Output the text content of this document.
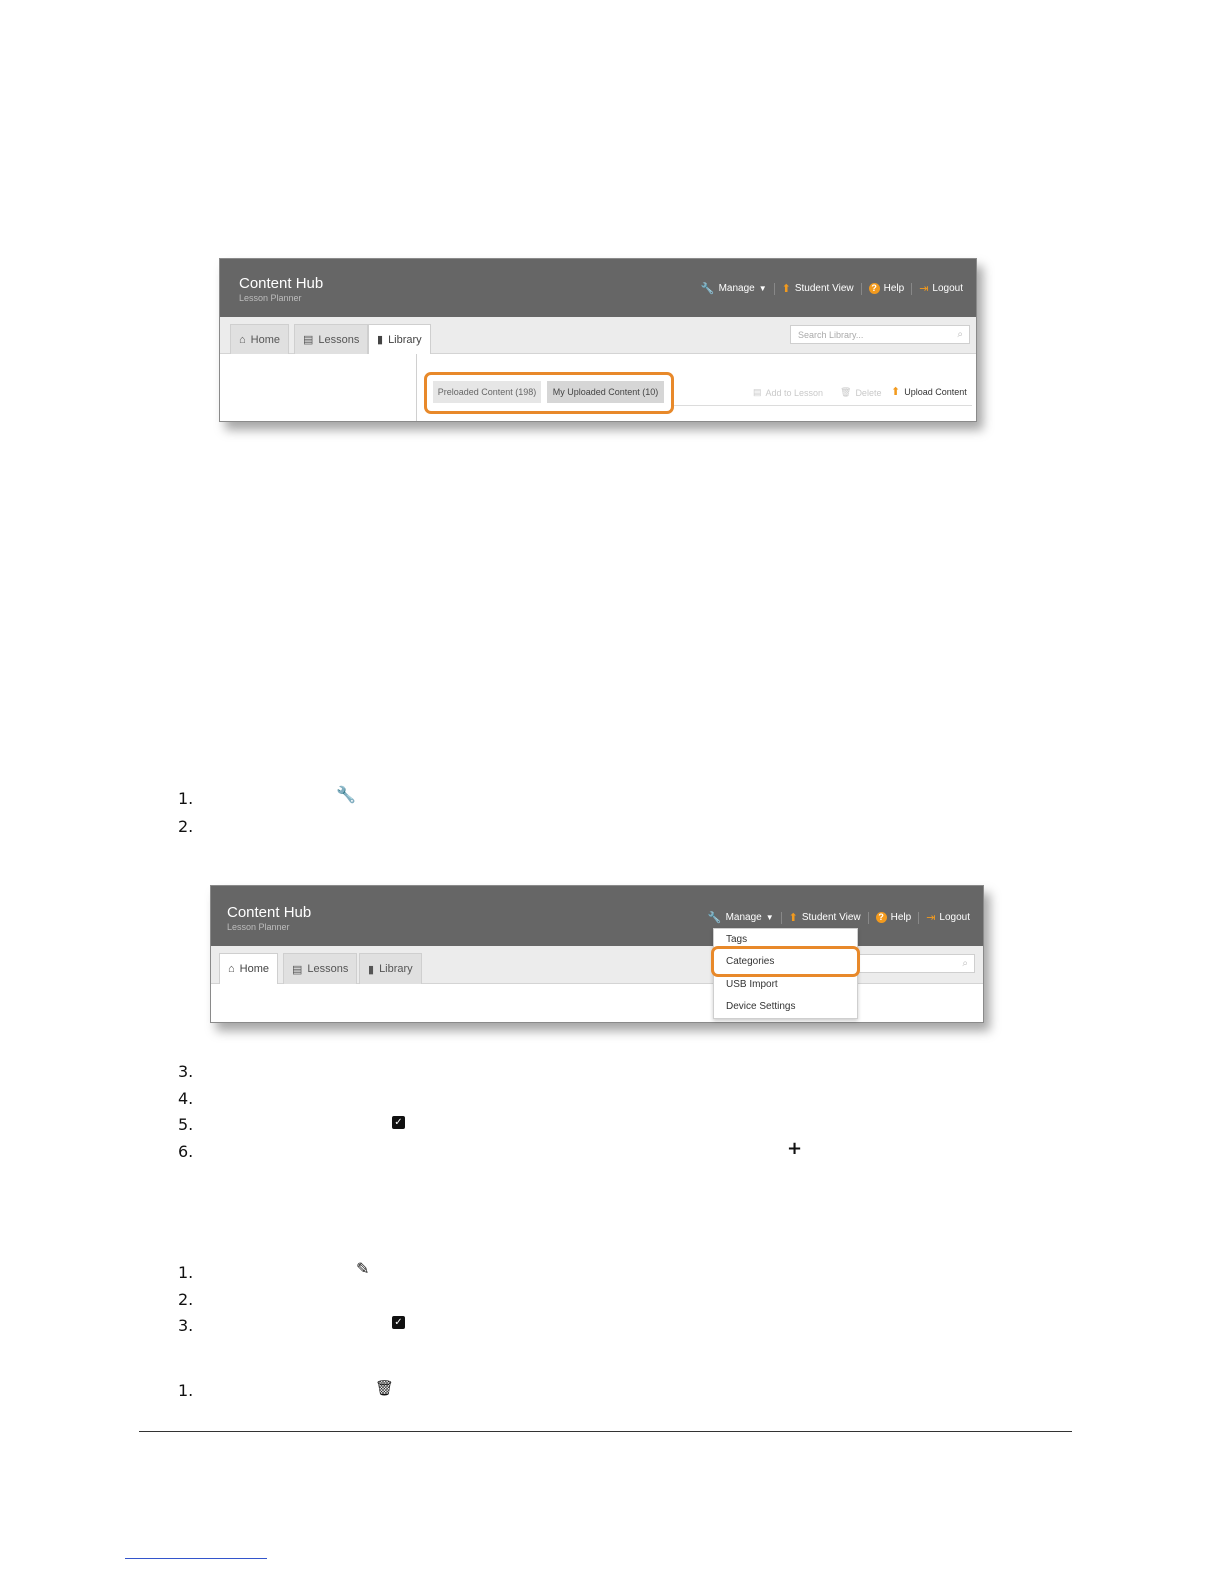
Content Hub
Lesson Planner
🔧 Manage ▼ ⬆ Student View	? Help ⇥ Logout
⌂ Home ▤ Lessons ▮ Library	Search Library...	⌕
Preloaded Content (198) My Uploaded Content (10)	▤ Add to Lesson 🗑 Delete ⬆ Upload Content
1.	🔧
2.
Content Hub
Lesson Planner
🔧 Manage ▼ ⬆ Student View	? Help ⇥ Logout
⌂ Home ▤ Lessons ▮ Library	⌕
Tags
Categories
USB Import
Device Settings
3.
4.
5.	✓
6.	+
1.	✎
2.
3.	✓
1.	🗑
